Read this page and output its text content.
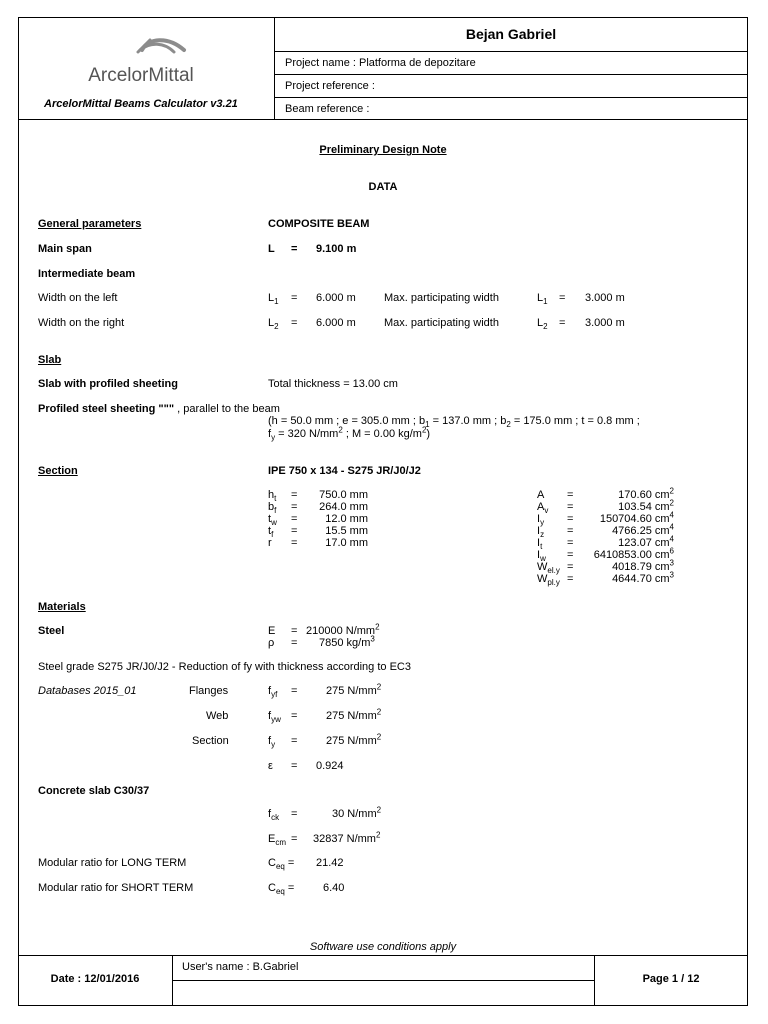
ArcelorMittal
ArcelorMittal Beams Calculator v3.21
Bejan Gabriel
Project name : Platforma de depozitare
Project reference :
Beam reference :
Preliminary Design Note
DATA
General parameters	COMPOSITE BEAM
Main span	L = 9.100 m
Intermediate beam
Width on the left	$L_1 = 6.000$ m	Max. participating width	$L_1 = 3.000$ m
Width on the right	$L_2 = 6.000$ m	Max. participating width	$L_2 = 3.000$ m
Slab
Slab with profiled sheeting	Total thickness = 13.00 cm
Profiled steel sheeting """ , parallel to the beam
(h = 50.0 mm ; e = 305.0 mm ; $b_1 = 137.0$ mm ; $b_2 = 175.0$ mm ; t = 0.8 mm ;
$f_y = 320$ $N/mm^2$ ; M = 0.00 $kg/m^2$)
Section	IPE 750 x 134 - S275 JR/J0/J2
$h_t$ =	750.0 mm
$b_f$ =	264.0 mm
$t_w$ =	12.0 mm
$t_f$ =	15.5 mm
r =	17.0 mm
A =	170.60 $cm^2$
$A_v$ =	103.54 $cm^2$
$I_y$ =	150704.60 $cm^4$
$I_z$ =	4766.25 $cm^4$
$I_t$ =	123.07 $cm^4$
$I_w$ =	6410853.00 $cm^6$
$W_{el.y}$ =	4018.79 $cm^3$
$W_{pl.y}$ =	4644.70 $cm^3$
Materials
Steel	E = 210000 $N/mm^2$
ρ = 7850 $kg/m^3$
Steel grade S275 JR/J0/J2 - Reduction of fy with thickness according to EC3
Databases 2015_01	Flanges	$f_{yf}$ =	275 $N/mm^2$
Web	$f_{yw}$ =	275 $N/mm^2$
Section	$f_y$ =	275 $N/mm^2$
ε = 0.924
Concrete slab C30/37
$f_{ck}$ =	30 $N/mm^2$
$E_{cm} = 32837$ $N/mm^2$
Modular ratio for LONG TERM	$C_{eq} = 21.42$
Modular ratio for SHORT TERM	$C_{eq}$ =	6.40
Software use conditions apply
Date : 12/01/2016
User's name : B.Gabriel
Page 1 / 12
